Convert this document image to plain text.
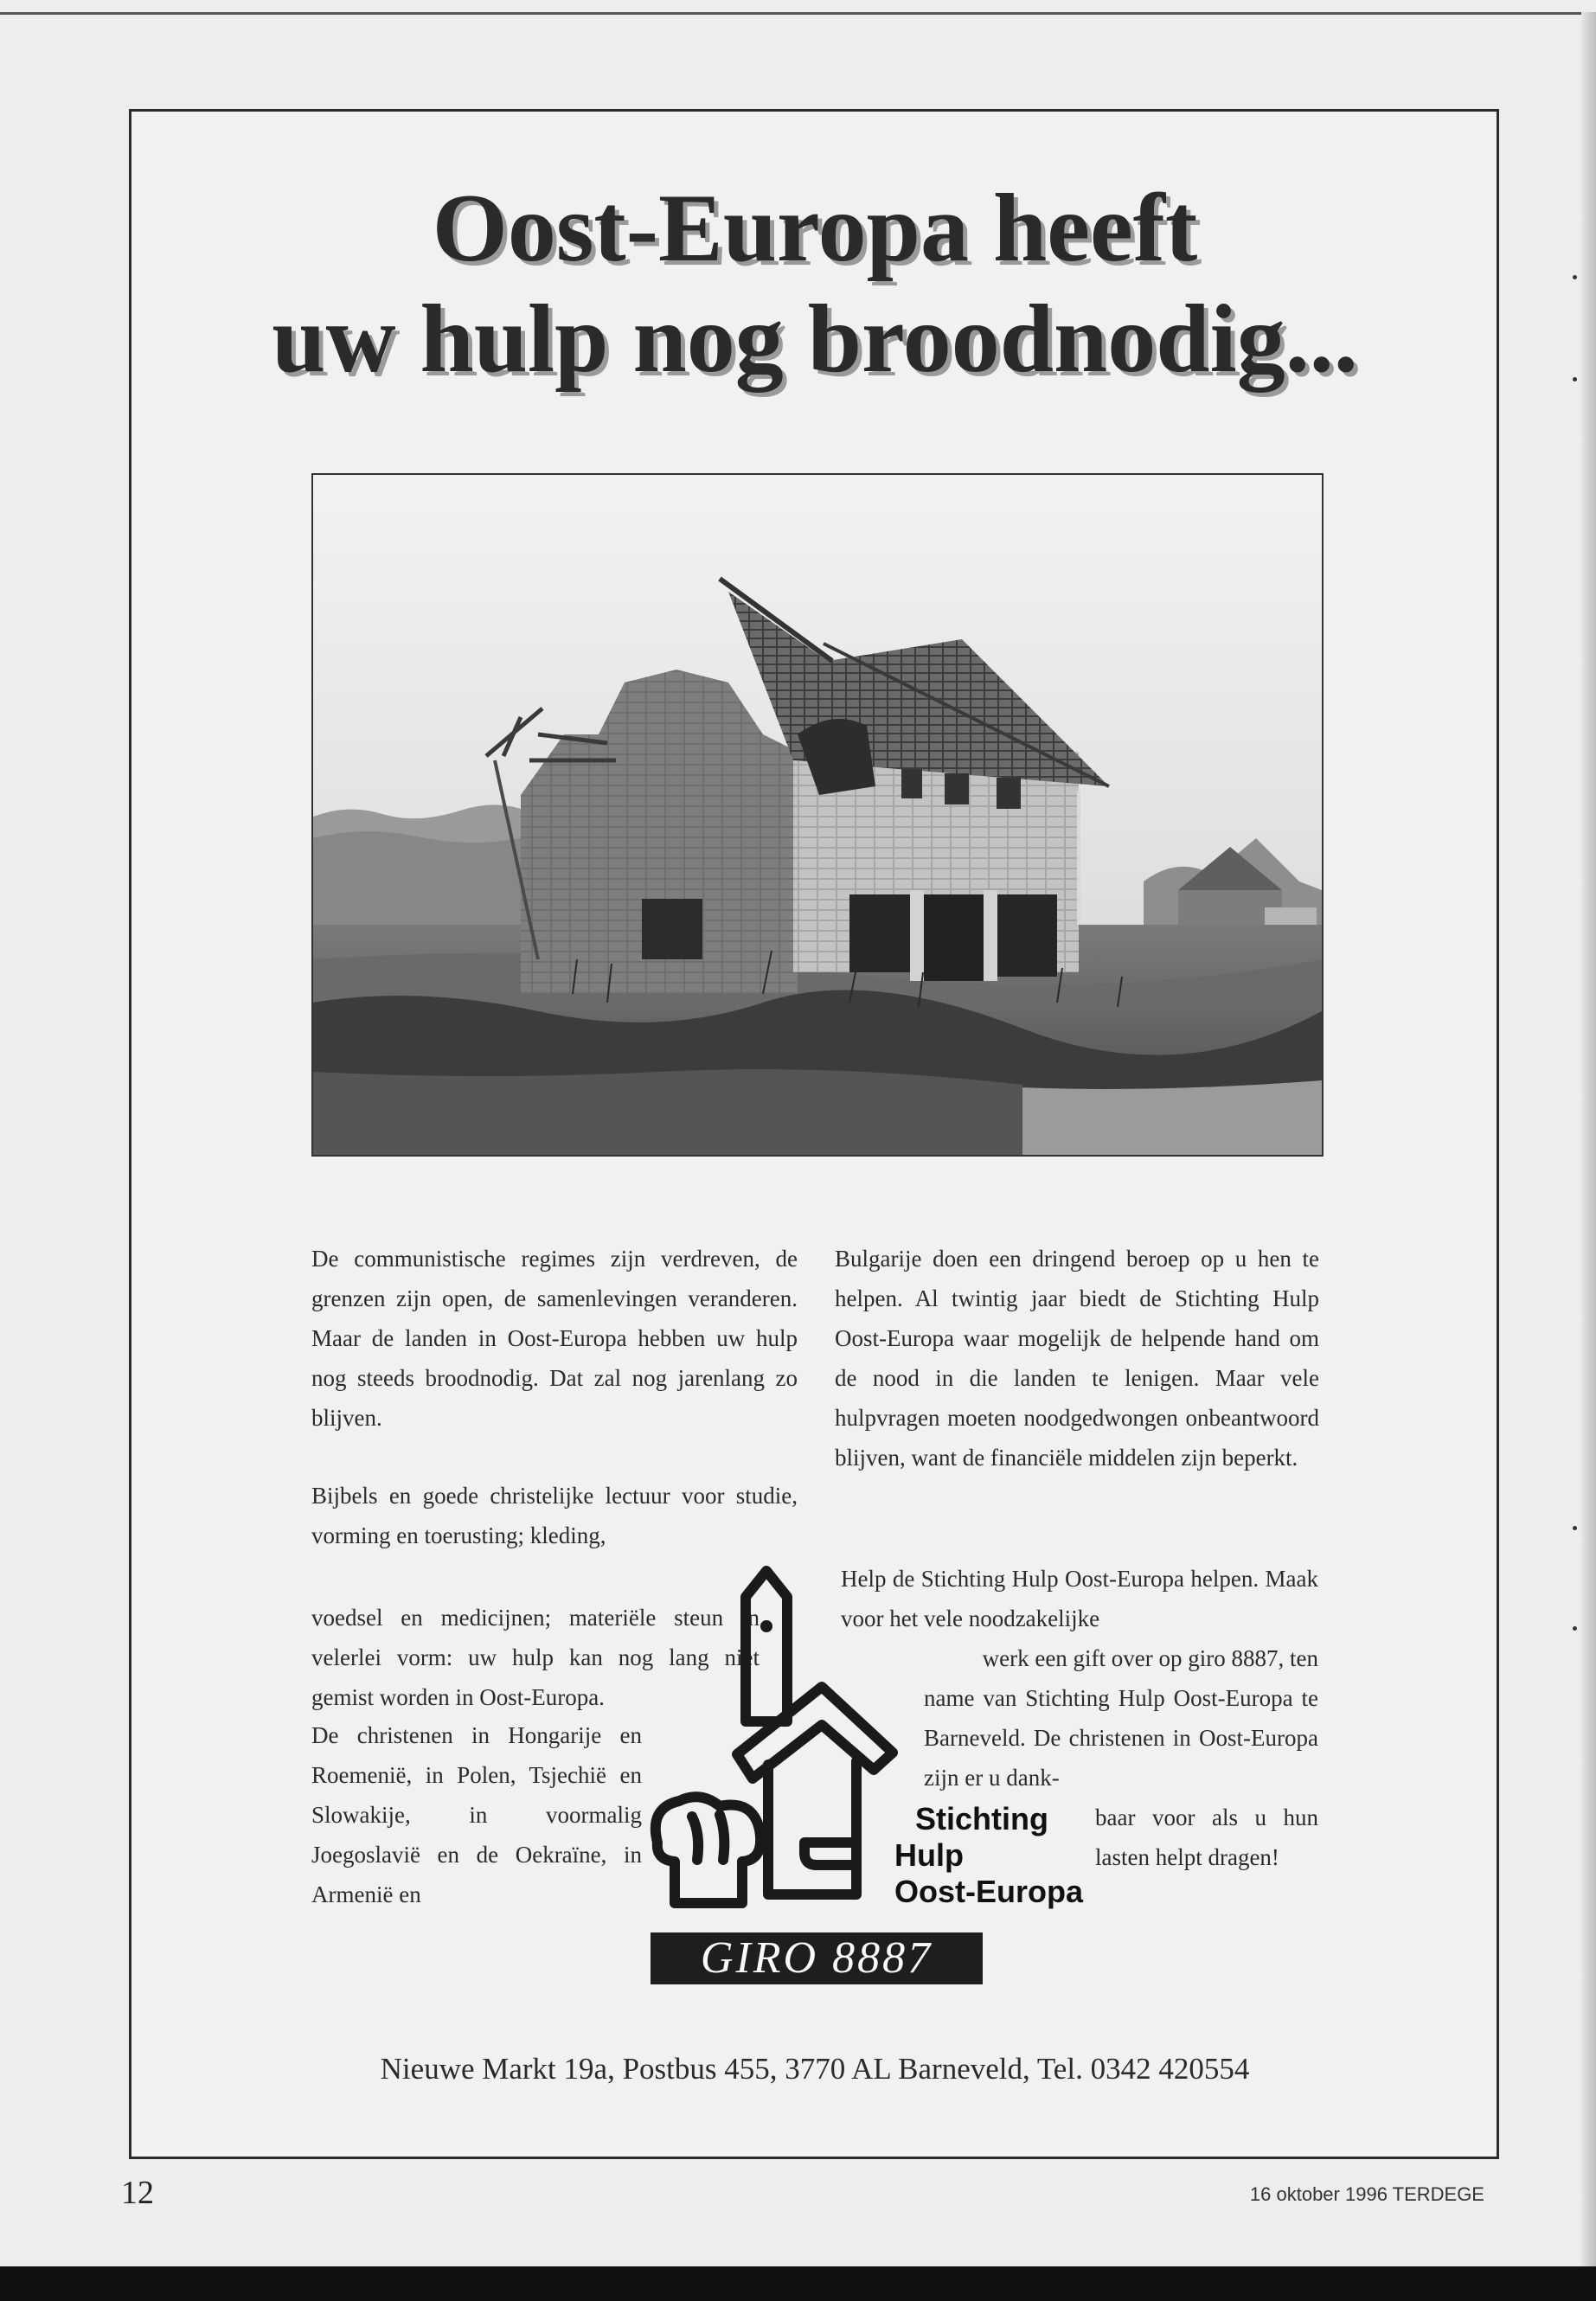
Oost-Europa heeft
uw hulp nog broodnodig...

De communistische regimes zijn verdreven, de grenzen zijn open, de samenlevingen veranderen. Maar de landen in Oost-Europa hebben uw hulp nog steeds broodnodig. Dat zal nog jarenlang zo blijven.

Bijbels en goede christelijke lectuur voor studie, vorming en toerusting; kleding,

voedsel en medicijnen; materiële steun in velerlei vorm: uw hulp kan nog lang niet gemist worden in Oost-Europa.

De christenen in Hongarije en Roemenië, in Polen, Tsjechië en Slowakije, in voormalig Joegoslavië en de Oekraïne, in Armenië en

Bulgarije doen een dringend beroep op u hen te helpen. Al twintig jaar biedt de Stichting Hulp Oost-Europa waar mogelijk de helpende hand om de nood in die landen te lenigen. Maar vele hulpvragen moeten noodgedwongen onbeantwoord blijven, want de financiële middelen zijn beperkt.

Help de Stichting Hulp Oost-Europa helpen. Maak voor het vele noodzakelijke

werk een gift over op giro 8887, ten

name van Stichting Hulp Oost-Europa te Barneveld. De christenen in Oost-Europa zijn er u dank-

baar voor als u hun lasten helpt dragen!

Stichting
Hulp
Oost-Europa
GIRO 8887

Nieuwe Markt 19a, Postbus 455, 3770 AL Barneveld, Tel. 0342 420554

12	16 oktober 1996 TERDEGE
